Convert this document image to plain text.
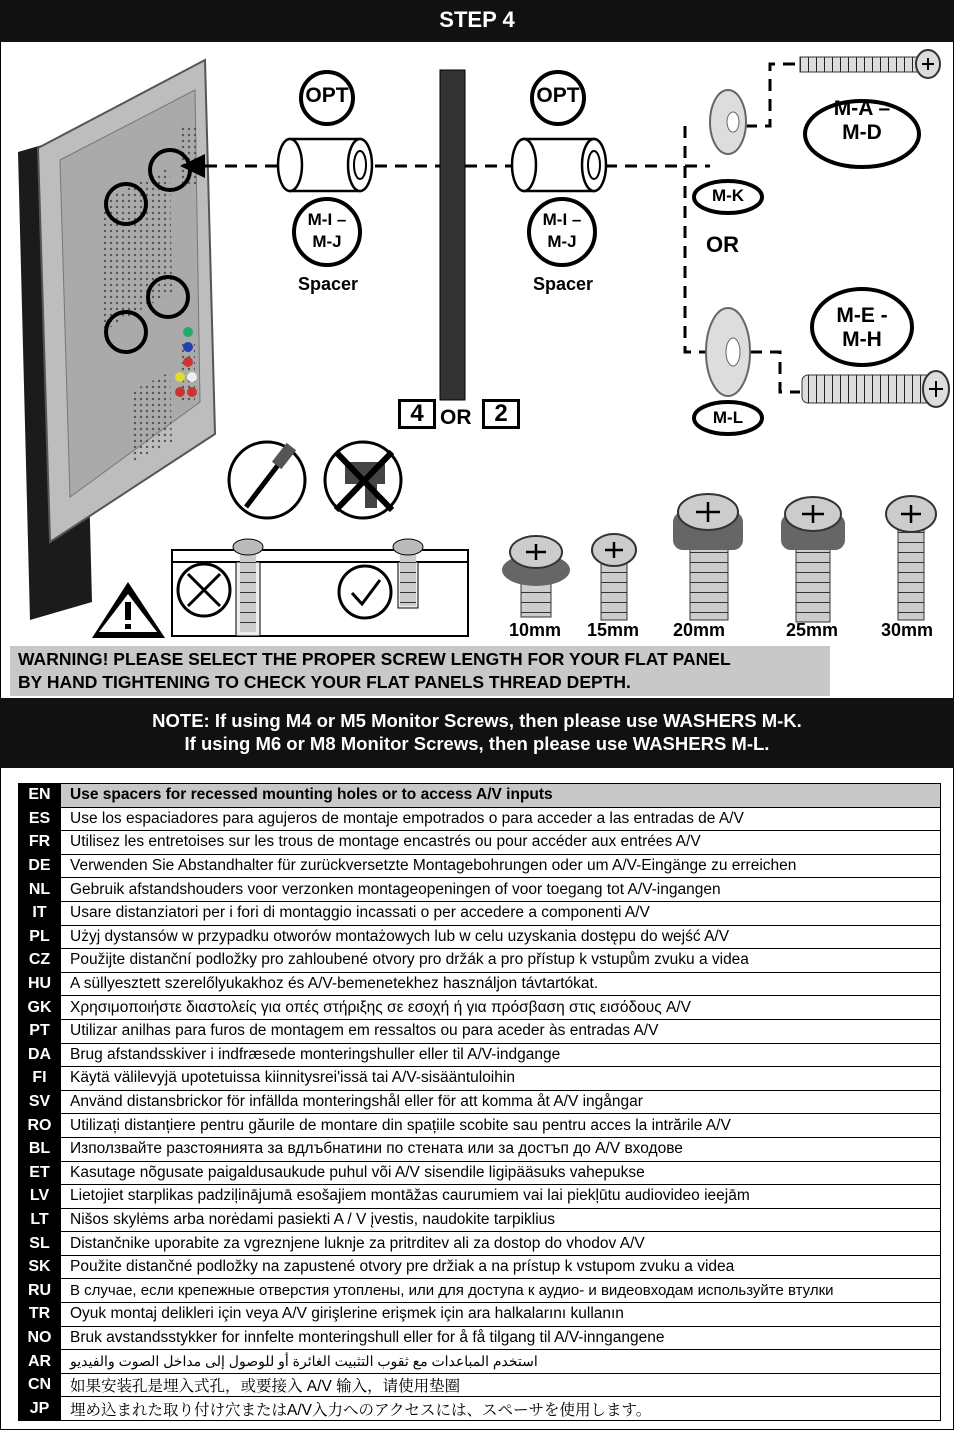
STEP 4
OPT	OPT
M-I –
M-J
M-I –
M-J
Spacer	Spacer
4 OR 2
M-K
OR
M-L
M-A –
M-D
M-E -
M-H
10mm 15mm 20mm	25mm 30mm
WARNING! PLEASE SELECT THE PROPER SCREW LENGTH FOR YOUR FLAT PANEL
BY HAND TIGHTENING TO CHECK YOUR FLAT PANELS THREAD DEPTH.
NOTE: If using M4 or M5 Monitor Screws, then please use WASHERS M-K.
If using M6 or M8 Monitor Screws, then please use WASHERS M-L.
EN	Use spacers for recessed mounting holes or to access A/V inputs
ES	Use los espaciadores para agujeros de montaje empotrados o para acceder a las entradas de A/V
FR	Utilisez les entretoises sur les trous de montage encastrés ou pour accéder aux entrées A/V
DE	Verwenden Sie Abstandhalter für zurückversetzte Montagebohrungen oder um A/V-Eingänge zu erreichen
NL	Gebruik afstandshouders voor verzonken montageopeningen of voor toegang tot A/V-ingangen
IT	Usare distanziatori per i fori di montaggio incassati o per accedere a componenti A/V
PL	Użyj dystansów w przypadku otworów montażowych lub w celu uzyskania dostępu do wejść A/V
CZ	Použijte distanční podložky pro zahloubené otvory pro držák a pro přístup k vstupům zvuku a videa
HU	A süllyesztett szerelőlyukakhoz és A/V-bemenetekhez használjon távtartókat.
GK	Χρησιμοποιήστε διαστολείς για οπές στήριξης σε εσοχή ή για πρόσβαση στις εισόδους A/V
PT	Utilizar anilhas para furos de montagem em ressaltos ou para aceder às entradas A/V
DA	Brug afstandsskiver i indfræsede monteringshuller eller til A/V-indgange
FI	Käytä välilevyjä upotetuissa kiinnitysrei'issä tai A/V-sisääntuloihin
SV	Använd distansbrickor för infällda monteringshål eller för att komma åt A/V ingångar
RO	Utilizați distanțiere pentru găurile de montare din spațiile scobite sau pentru acces la intrările A/V
BL	Използвайте разстоянията за вдлъбнатини по стената или за достъп до A/V входове
ET	Kasutage nõgusate paigaldusaukude puhul või A/V sisendile ligipääsuks vahepukse
LV	Lietojiet starplikas padziļinājumā esošajiem montāžas caurumiem vai lai piekļūtu audiovideo ieejām
LT	Nišos skylėms arba norėdami pasiekti A / V įvestis, naudokite tarpiklius
SL	Distančnike uporabite za vgreznjene luknje za pritrditev ali za dostop do vhodov A/V
SK	Použite distančné podložky na zapustené otvory pre držiak a na prístup k vstupom zvuku a videa
RU	В случае, если крепежные отверстия утоплены, или для доступа к аудио- и видеовходам используйте втулки
TR	Oyuk montaj delikleri için veya A/V girişlerine erişmek için ara halkalarını kullanın
NO	Bruk avstandsstykker for innfelte monteringshull eller for å få tilgang til A/V-inngangene
AR	استخدم المباعدات مع ثقوب التثبيت الغائرة أو للوصول إلى مداخل الصوت والفيديو
CN	如果安装孔是埋入式孔，或要接入 A/V 输入，请使用垫圈
JP	埋め込まれた取り付け穴またはA/V入力へのアクセスには、スペーサを使用します。
